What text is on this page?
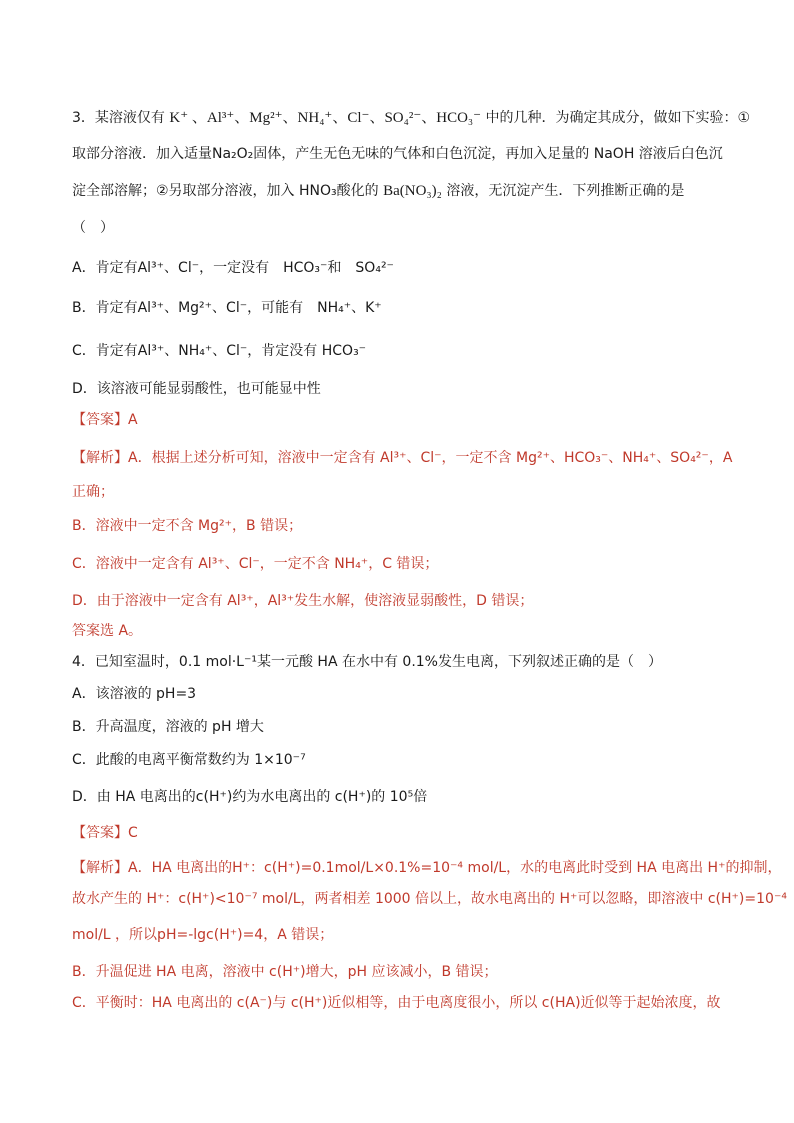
3．某溶液仅有 K⁺ 、Al³⁺、Mg²⁺、NH₄⁺、Cl⁻、SO₄²⁻、HCO₃⁻ 中的几种．为确定其成分，做如下实验：①
取部分溶液．加入适量Na₂O₂固体，产生无色无味的气体和白色沉淀，再加入足量的 NaOH 溶液后白色沉
淀全部溶解；②另取部分溶液，加入 HNO₃酸化的 Ba(NO₃)₂ 溶液，无沉淀产生．下列推断正确的是
（　）
A．肯定有Al³⁺、Cl⁻，一定没有　HCO₃⁻和　SO₄²⁻
B．肯定有Al³⁺、Mg²⁺、Cl⁻，可能有　NH₄⁺、K⁺
C．肯定有Al³⁺、NH₄⁺、Cl⁻，肯定没有 HCO₃⁻
D．该溶液可能显弱酸性，也可能显中性
【答案】A
【解析】A．根据上述分析可知，溶液中一定含有 Al³⁺、Cl⁻，一定不含 Mg²⁺、HCO₃⁻、NH₄⁺、SO₄²⁻，A
正确；
B．溶液中一定不含 Mg²⁺，B 错误；
C．溶液中一定含有 Al³⁺、Cl⁻，一定不含 NH₄⁺，C 错误；
D．由于溶液中一定含有 Al³⁺，Al³⁺发生水解，使溶液显弱酸性，D 错误；
答案选 A。
4．已知室温时，0.1 mol·L⁻¹某一元酸 HA 在水中有 0.1%发生电离，下列叙述正确的是（　）
A．该溶液的 pH=3
B．升高温度，溶液的 pH 增大
C．此酸的电离平衡常数约为 1×10⁻⁷
D．由 HA 电离出的c(H⁺)约为水电离出的 c(H⁺)的 10⁵倍
【答案】C
【解析】A．HA 电离出的H⁺：c(H⁺)=0.1mol/L×0.1%=10⁻⁴ mol/L，水的电离此时受到 HA 电离出 H⁺的抑制，
故水产生的 H⁺：c(H⁺)<10⁻⁷ mol/L，两者相差 1000 倍以上，故水电离出的 H⁺可以忽略，即溶液中 c(H⁺)=10⁻⁴
mol/L ，所以pH=-lgc(H⁺)=4，A 错误；
B．升温促进 HA 电离，溶液中 c(H⁺)增大，pH 应该减小，B 错误；
C．平衡时：HA 电离出的 c(A⁻)与 c(H⁺)近似相等，由于电离度很小，所以 c(HA)近似等于起始浓度，故
